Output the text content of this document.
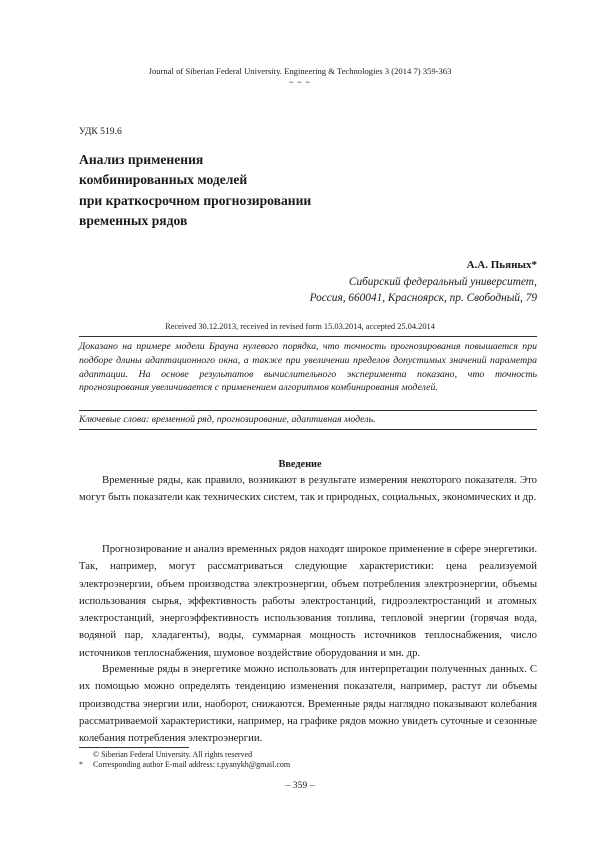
Journal of Siberian Federal University. Engineering & Technologies 3 (2014 7) 359-363
~ ~ ~
УДК 519.6
Анализ применения
комбинированных моделей
при краткосрочном прогнозировании
временных рядов
А.А. Пьяных*
Сибирский федеральный университет,
Россия, 660041, Красноярск, пр. Свободный, 79
Received 30.12.2013, received in revised form 15.03.2014, accepted 25.04.2014
Доказано на примере модели Брауна нулевого порядка, что точность прогнозирования повышается при подборе длины адаптационного окна, а также при увеличении пределов допустимых значений параметра адаптации. На основе результатов вычислительного эксперимента показано, что точность прогнозирования увеличивается с применением алгоритмов комбинирования моделей.
Ключевые слова: временной ряд, прогнозирование, адаптивная модель.
Введение

Временные ряды, как правило, возникают в результате измерения некоторого показателя. Это могут быть показатели как технических систем, так и природных, социальных, экономических и др.

Прогнозирование и анализ временных рядов находят широкое применение в сфере энергетики. Так, например, могут рассматриваться следующие характеристики: цена реализуемой электроэнергии, объем производства электроэнергии, объем потребления электроэнергии, объемы использования сырья, эффективность работы электростанций, гидроэлектростанций и атомных электростанций, энергоэффективность использования топлива, тепловой энергии (горячая вода, водяной пар, хладагенты), воды, суммарная мощность источников теплоснабжения, число источников теплоснабжения, шумовое воздействие оборудования и мн. др.

Временные ряды в энергетике можно использовать для интерпретации полученных данных. С их помощью можно определять тенденцию изменения показателя, например, растут ли объемы производства энергии или, наоборот, снижаются. Временные ряды наглядно показывают колебания рассматриваемой характеристики, например, на графике рядов можно увидеть суточные и сезонные колебания потребления электроэнергии.

© Siberian Federal University. All rights reserved
* Corresponding author E-mail address: t.pyanykh@gmail.com
– 359 –
